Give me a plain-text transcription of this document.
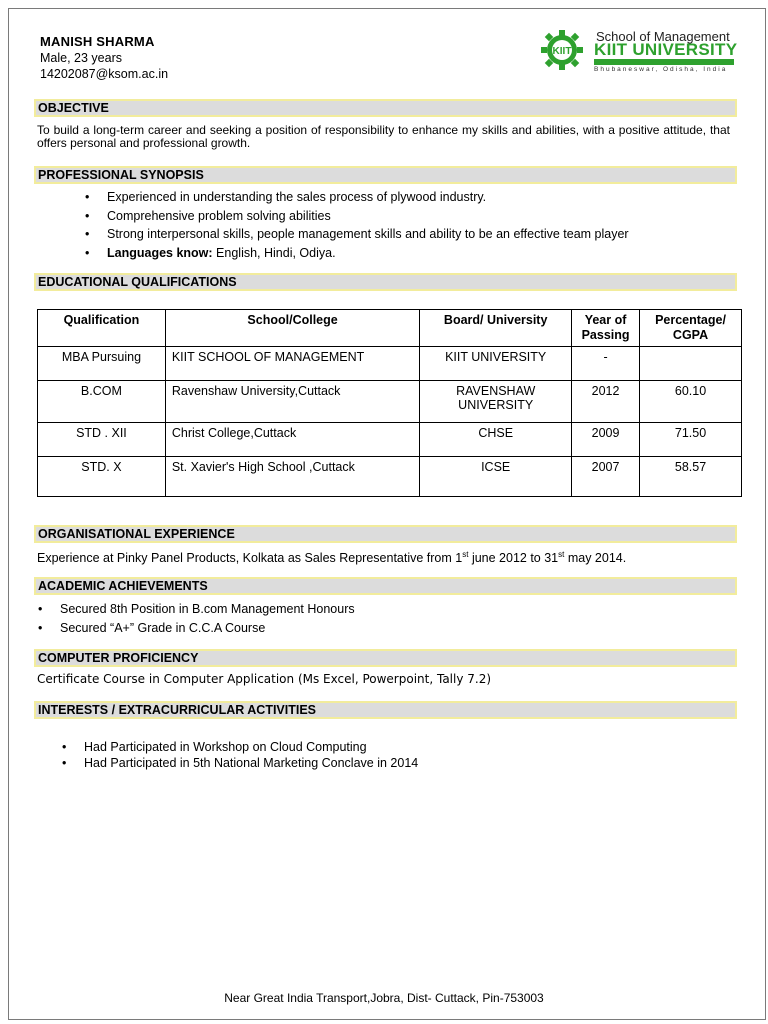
MANISH SHARMA
Male, 23 years
14202087@ksom.ac.in
KIIT
School of Management
KIIT UNIVERSITY
Bhubaneswar, Odisha, India
OBJECTIVE
To build a long-term career and seeking a position of responsibility to enhance my skills and abilities, with a positive attitude, that offers personal and professional growth.
PROFESSIONAL SYNOPSIS
• Experienced in understanding the sales process of plywood industry.
• Comprehensive problem solving abilities
• Strong interpersonal skills, people management skills and ability to be an effective team player
• Languages know: English, Hindi, Odiya.
EDUCATIONAL QUALIFICATIONS
Qualification	School/College	Board/ University	Year of Passing	Percentage/ CGPA
MBA Pursuing	KIIT SCHOOL OF MANAGEMENT	KIIT UNIVERSITY	-	
B.COM	Ravenshaw University,Cuttack	RAVENSHAW UNIVERSITY	2012	60.10
STD . XII	Christ College,Cuttack	CHSE	2009	71.50
STD. X	St. Xavier's High School ,Cuttack	ICSE	2007	58.57
ORGANISATIONAL EXPERIENCE
Experience at Pinky Panel Products, Kolkata as Sales Representative from 1st june 2012 to 31st may 2014.
ACADEMIC ACHIEVEMENTS
• Secured 8th Position in B.com Management Honours
• Secured “A+” Grade in C.C.A Course
COMPUTER PROFICIENCY
Certificate Course in Computer Application (Ms Excel, Powerpoint, Tally 7.2)
INTERESTS / EXTRACURRICULAR ACTIVITIES
• Had Participated in Workshop on Cloud Computing
• Had Participated in 5th National Marketing Conclave in 2014
Near Great India Transport,Jobra, Dist- Cuttack, Pin-753003
